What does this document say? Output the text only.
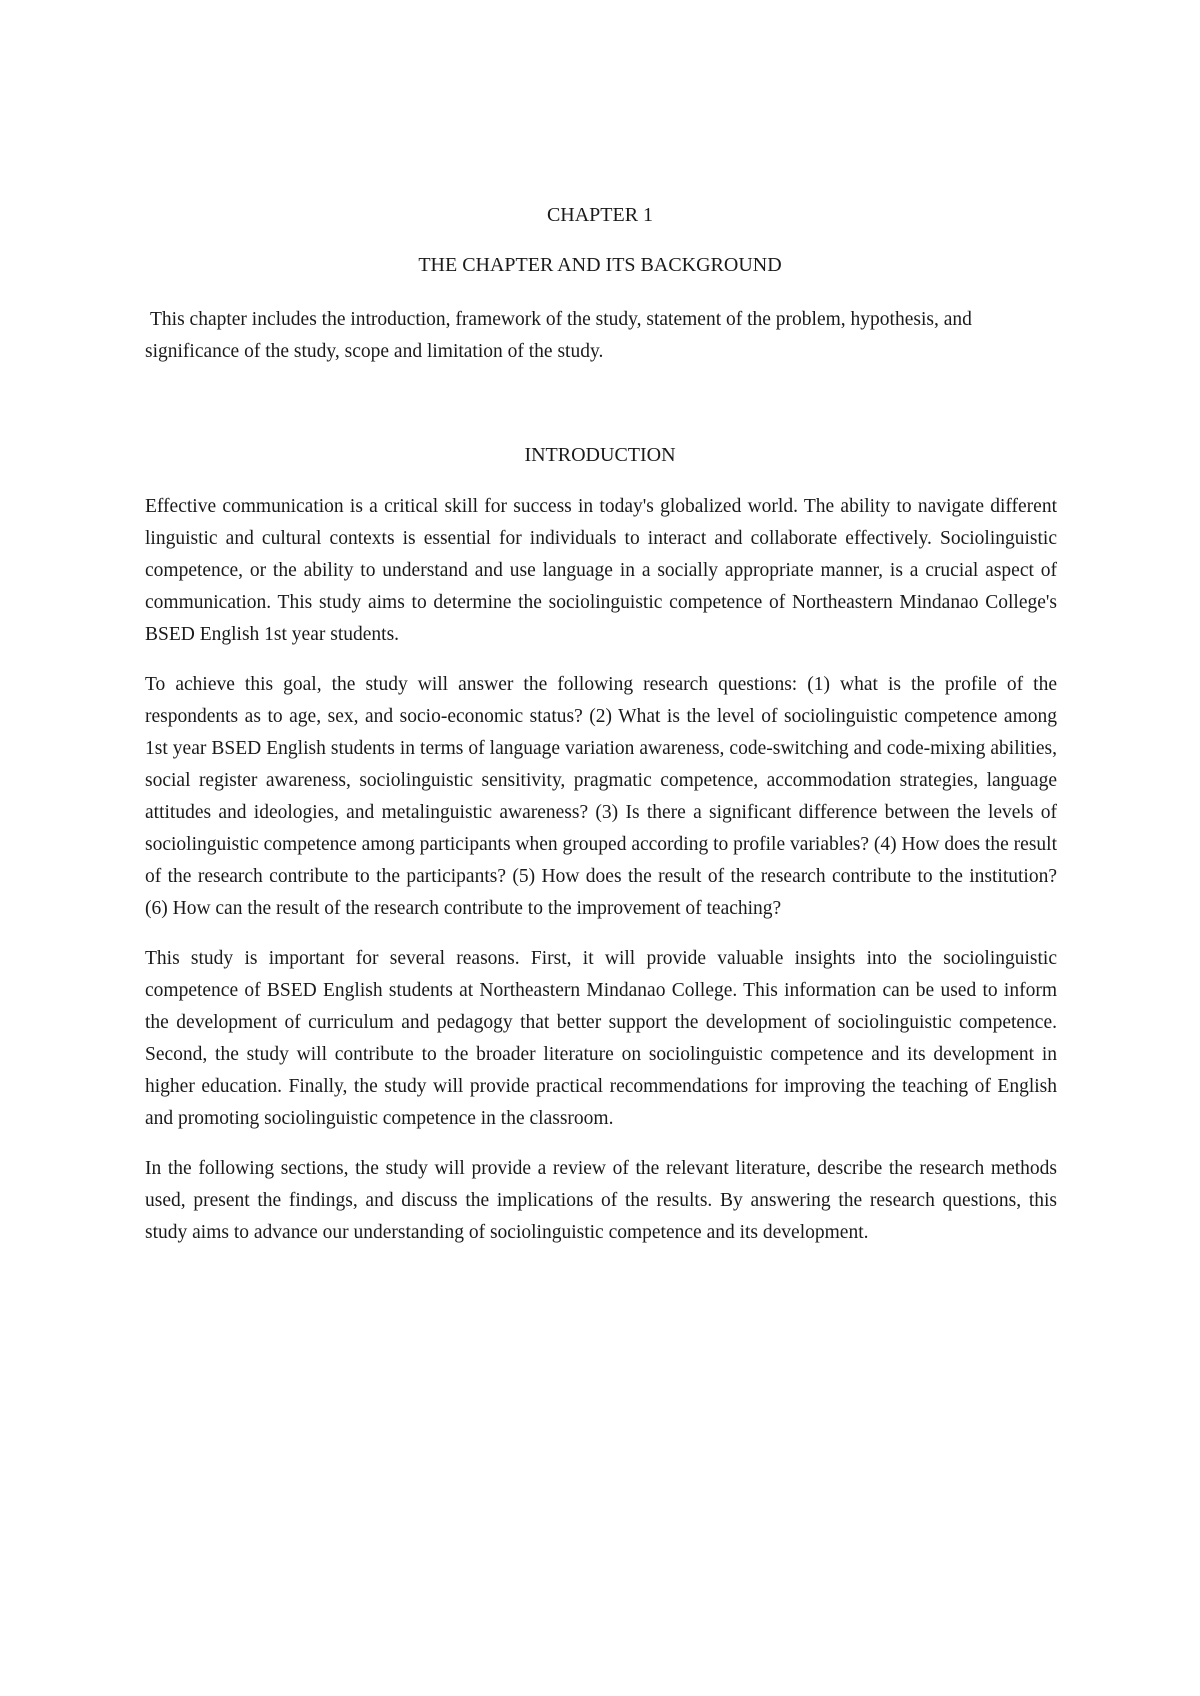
CHAPTER 1
THE CHAPTER AND ITS BACKGROUND

This chapter includes the introduction, framework of the study, statement of the problem, hypothesis, and significance of the study, scope and limitation of the study.

INTRODUCTION

Effective communication is a critical skill for success in today's globalized world. The ability to navigate different linguistic and cultural contexts is essential for individuals to interact and collaborate effectively. Sociolinguistic competence, or the ability to understand and use language in a socially appropriate manner, is a crucial aspect of communication. This study aims to determine the sociolinguistic competence of Northeastern Mindanao College's BSED English 1st year students.

To achieve this goal, the study will answer the following research questions: (1) what is the profile of the respondents as to age, sex, and socio-economic status? (2) What is the level of sociolinguistic competence among 1st year BSED English students in terms of language variation awareness, code-switching and code-mixing abilities, social register awareness, sociolinguistic sensitivity, pragmatic competence, accommodation strategies, language attitudes and ideologies, and metalinguistic awareness? (3) Is there a significant difference between the levels of sociolinguistic competence among participants when grouped according to profile variables? (4) How does the result of the research contribute to the participants? (5) How does the result of the research contribute to the institution? (6) How can the result of the research contribute to the improvement of teaching?

This study is important for several reasons. First, it will provide valuable insights into the sociolinguistic competence of BSED English students at Northeastern Mindanao College. This information can be used to inform the development of curriculum and pedagogy that better support the development of sociolinguistic competence. Second, the study will contribute to the broader literature on sociolinguistic competence and its development in higher education. Finally, the study will provide practical recommendations for improving the teaching of English and promoting sociolinguistic competence in the classroom.

In the following sections, the study will provide a review of the relevant literature, describe the research methods used, present the findings, and discuss the implications of the results. By answering the research questions, this study aims to advance our understanding of sociolinguistic competence and its development.
